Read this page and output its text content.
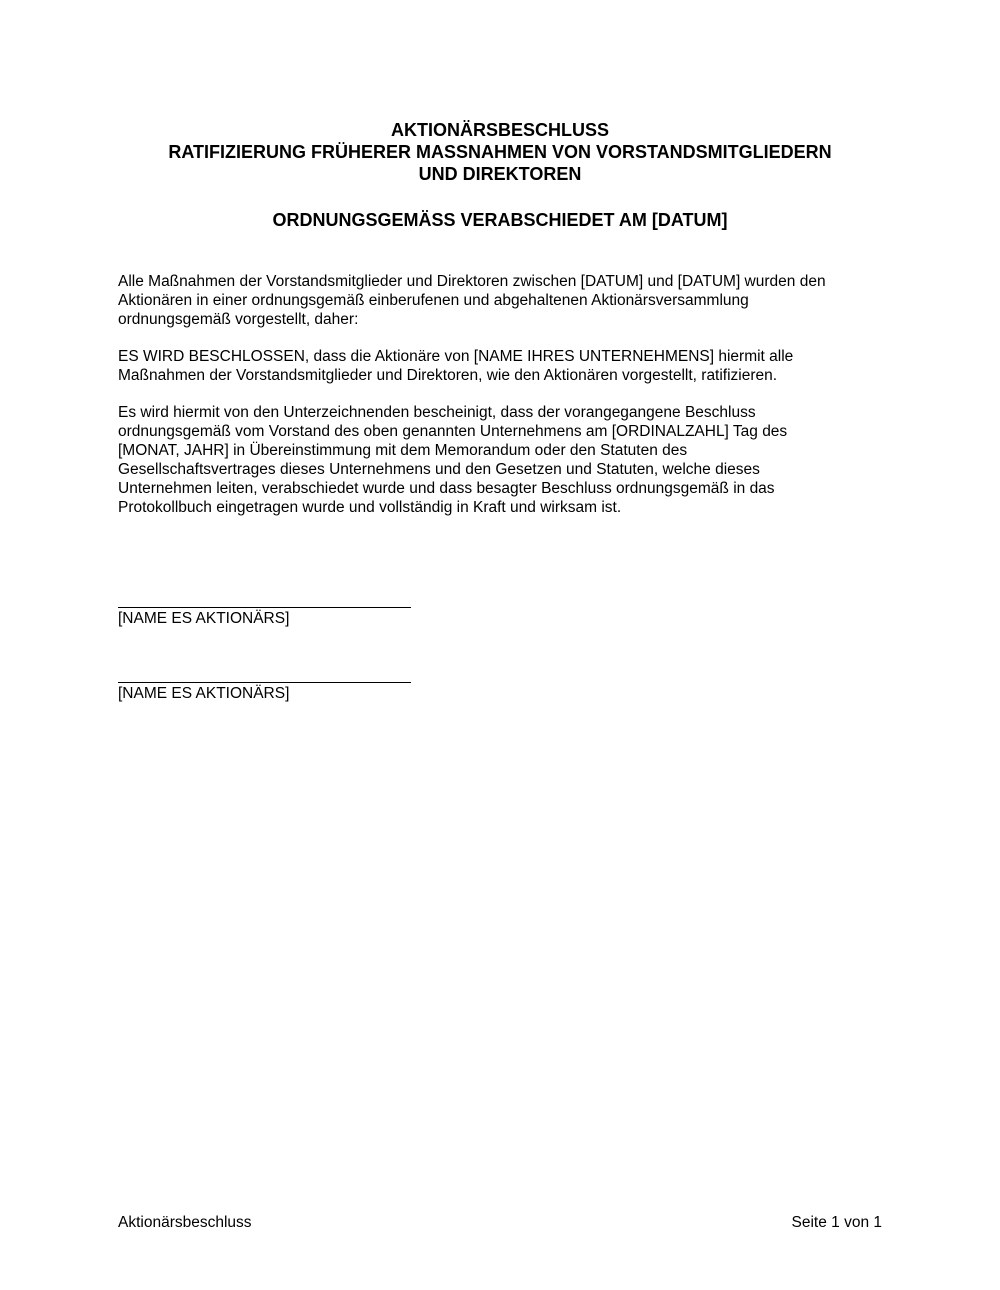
AKTIONÄRSBESCHLUSS
RATIFIZIERUNG FRÜHERER MASSNAHMEN VON VORSTANDSMITGLIEDERN
UND DIREKTOREN
ORDNUNGSGEMÄSS VERABSCHIEDET AM [DATUM]
Alle Maßnahmen der Vorstandsmitglieder und Direktoren zwischen [DATUM] und [DATUM] wurden den
Aktionären in einer ordnungsgemäß einberufenen und abgehaltenen Aktionärsversammlung
ordnungsgemäß vorgestellt, daher:
ES WIRD BESCHLOSSEN, dass die Aktionäre von [NAME IHRES UNTERNEHMENS] hiermit alle
Maßnahmen der Vorstandsmitglieder und Direktoren, wie den Aktionären vorgestellt, ratifizieren.
Es wird hiermit von den Unterzeichnenden bescheinigt, dass der vorangegangene Beschluss
ordnungsgemäß vom Vorstand des oben genannten Unternehmens am [ORDINALZAHL] Tag des
[MONAT, JAHR] in Übereinstimmung mit dem Memorandum oder den Statuten des
Gesellschaftsvertrages dieses Unternehmens und den Gesetzen und Statuten, welche dieses
Unternehmen leiten, verabschiedet wurde und dass besagter Beschluss ordnungsgemäß in das
Protokollbuch eingetragen wurde und vollständig in Kraft und wirksam ist.
[NAME ES AKTIONÄRS]
[NAME ES AKTIONÄRS]
Aktionärsbeschluss	Seite 1 von 1
